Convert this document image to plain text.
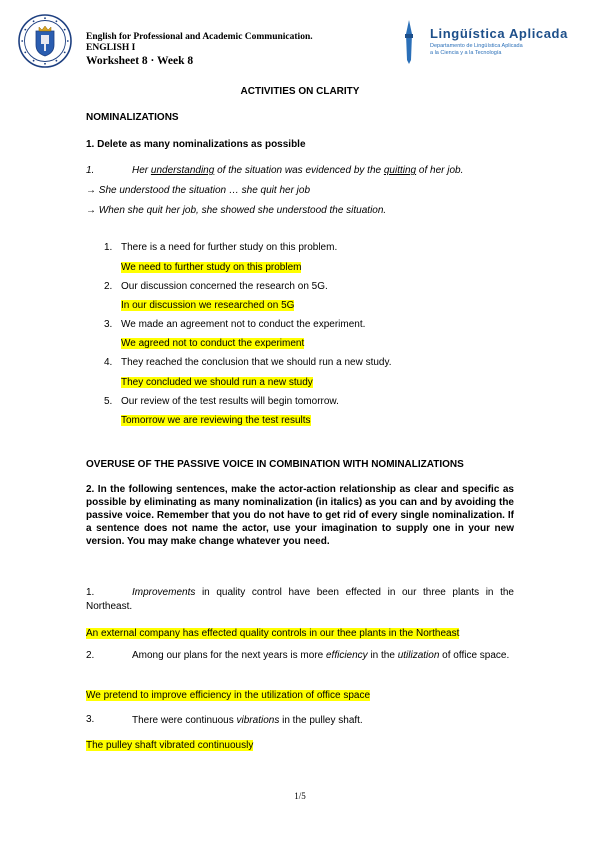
English for Professional and Academic Communication.
ENGLISH I
Worksheet 8 · Week 8
Lingüística Aplicada
Departamento de Lingüística Aplicada
a la Ciencia y a la Tecnología
ACTIVITIES ON CLARITY
NOMINALIZATIONS
1. Delete as many nominalizations as possible
1.	Her understanding of the situation was evidenced by the quitting of her job.
→ She understood the situation … she quit her job
→ When she quit her job, she showed she understood the situation.
1. There is a need for further study on this problem.
We need to further study on this problem
2. Our discussion concerned the research on 5G.
In our discussion we researched on 5G
3. We made an agreement not to conduct the experiment.
We agreed not to conduct the experiment
4. They reached the conclusion that we should run a new study.
They concluded we should run a new study
5. Our review of the test results will begin tomorrow.
Tomorrow we are reviewing the test results
OVERUSE OF THE PASSIVE VOICE IN COMBINATION WITH NOMINALIZATIONS
2. In the following sentences, make the actor-action relationship as clear and specific as possible by eliminating as many nominalization (in italics) as you can and by avoiding the passive voice. Remember that you do not have to get rid of every single nominalization. If a sentence does not name the actor, use your imagination to supply one in your new version. You may make change whatever you need.
1.	Improvements in quality control have been effected in our three plants in the Northeast.
An external company has effected quality controls in our thee plants in the Northeast
2.	Among our plans for the next years is more efficiency in the utilization of office space.
We pretend to improve efficiency in the utilization of office space
3.	There were continuous vibrations in the pulley shaft.
The pulley shaft vibrated continuously
1/5
